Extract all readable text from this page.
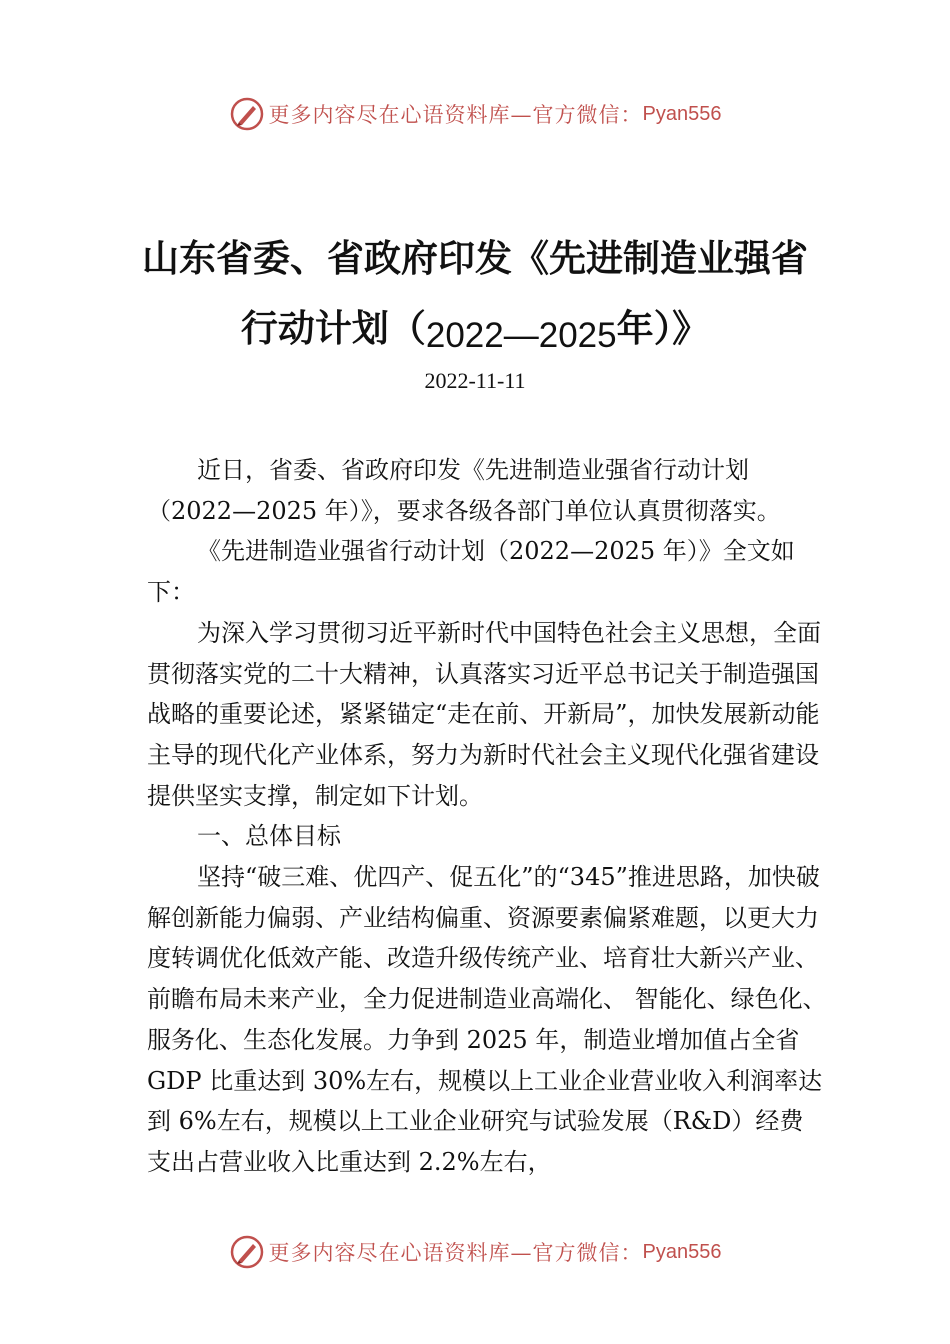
更多内容尽在心语资料库—官方微信： Pyan556
山东省委、省政府印发《先进制造业强省
行动计划（2022—2025年）》
2022-11-11

近日，省委、省政府印发《先进制造业强省行动计划（2022—2025 年）》，要求各级各部门单位认真贯彻落实。

《先进制造业强省行动计划（2022—2025 年）》全文如下：

为深入学习贯彻习近平新时代中国特色社会主义思想，全面贯彻落实党的二十大精神，认真落实习近平总书记关于制造强国战略的重要论述，紧紧锚定“走在前、开新局”，加快发展新动能主导的现代化产业体系，努力为新时代社会主义现代化强省建设提供坚实支撑，制定如下计划。

一、总体目标

坚持“破三难、优四产、促五化”的“345”推进思路，加快破解创新能力偏弱、产业结构偏重、资源要素偏紧难题，以更大力度转调优化低效产能、改造升级传统产业、培育壮大新兴产业、前瞻布局未来产业，全力促进制造业高端化、 智能化、绿色化、服务化、生态化发展。力争到 2025 年，制造业增加值占全省 GDP 比重达到 30%左右，规模以上工业企业营业收入利润率达到 6%左右，规模以上工业企业研究与试验发展（R&D）经费支出占营业收入比重达到 2.2%左右，

更多内容尽在心语资料库—官方微信： Pyan556
